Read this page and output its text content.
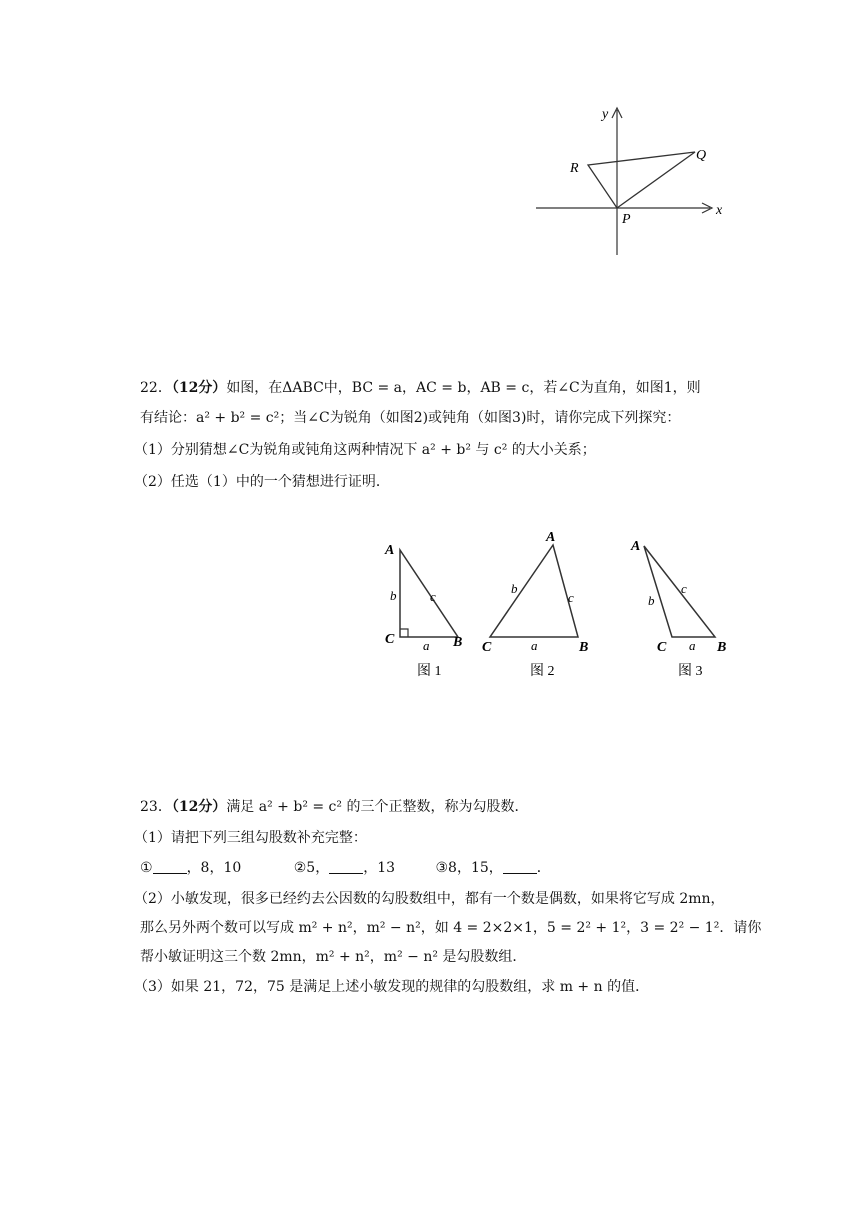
x
y
R
Q
P
22．（12分）如图，在ΔABC中，BC = a，AC = b，AB = c，若∠C为直角，如图1，则
有结论：a² + b² = c²；当∠C为锐角（如图2)或钝角（如图3)时，请你完成下列探究：
（1）分别猜想∠C为锐角或钝角这两种情况下 a² + b² 与 c² 的大小关系；
（2）任选（1）中的一个猜想进行证明．
A
C	B
b	c
a
图 1
A
C	B
b
c
a
图 2
A
C	B
b
c
a
图 3
23．（12分）满足 a² + b² = c² 的三个正整数，称为勾股数．
（1）请把下列三组勾股数补充完整：
① ，8，10	②5， ，13	③8，15， ．
（2）小敏发现，很多已经约去公因数的勾股数组中，都有一个数是偶数，如果将它写成 2mn，
那么另外两个数可以写成 m² + n²，m² − n²，如 4 = 2×2×1，5 = 2² + 1²，3 = 2² − 1²．请你
帮小敏证明这三个数 2mn，m² + n²，m² − n² 是勾股数组．
（3）如果 21，72，75 是满足上述小敏发现的规律的勾股数组，求 m + n 的值．
